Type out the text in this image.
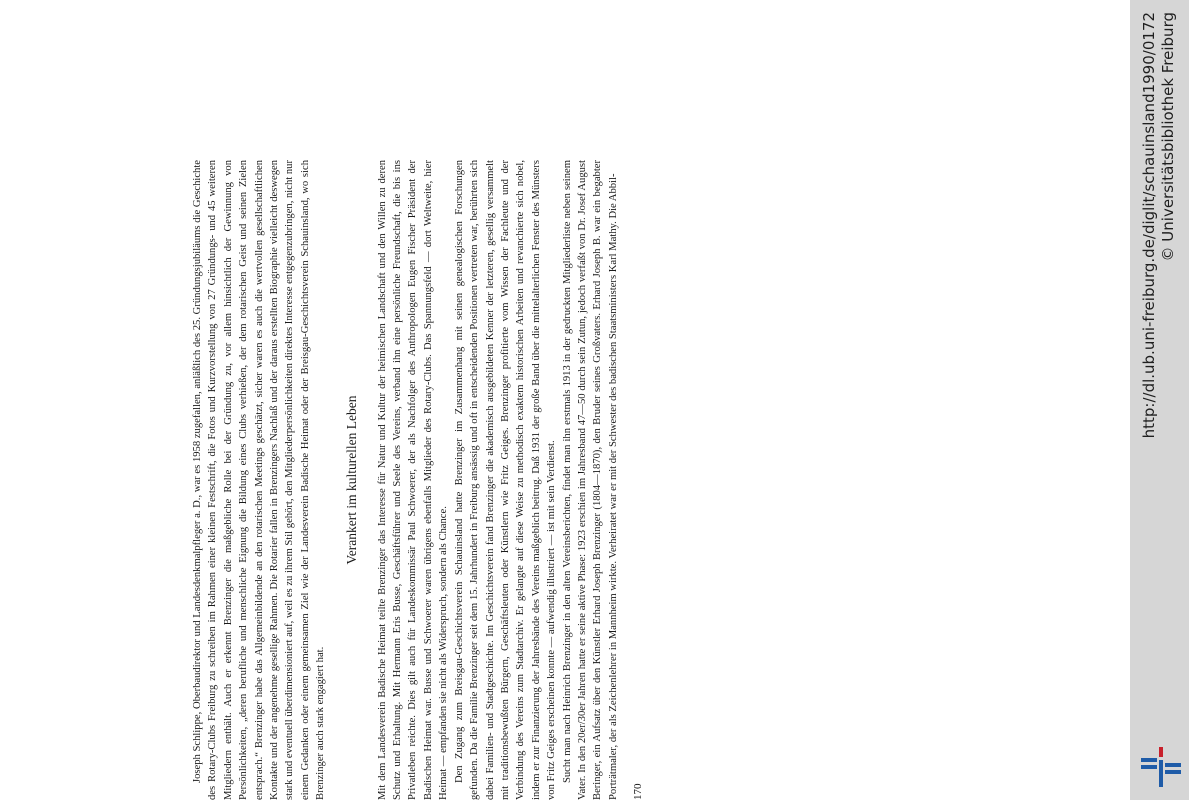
Joseph Schlippe, Oberbaudirektor und Landesdenkmalpfleger a. D., war es 1958 zugefallen, anläßlich des 25. Gründungsjubiläums die Geschichte des Rotary-Clubs Freiburg zu schreiben im Rahmen einer kleinen Festschrift, die Fotos und Kurzvorstellung von 27 Gründungs- und 45 weiteren Mitgliedern enthält. Auch er erkennt Brenzinger die maßgebliche Rolle bei der Gründung zu, vor allem hinsichtlich der Gewinnung von Persönlichkeiten, „deren berufliche und menschliche Eignung die Bildung eines Clubs verhießen, der dem rotarischen Geist und seinen Zielen entsprach.“ Brenzinger habe das Allgemeinbildende an den rotarischen Meetings geschätzt, sicher waren es auch die wertvollen gesellschaftlichen Kontakte und der angenehme gesellige Rahmen. Die Rotarier fallen in Brenzingers Nachlaß und der daraus erstellten Biographie vielleicht deswegen stark und eventuell überdimensioniert auf, weil es zu ihrem Stil gehört, den Mitgliederpersönlichkeiten direktes Interesse entgegenzubringen, nicht nur einem Gedanken oder einem gemeinsamen Ziel wie der Landesverein Badische Heimat oder der Breisgau-Geschichtsverein Schauinsland, wo sich Brenzinger auch stark engagiert hat.

Verankert im kulturellen Leben Mit dem Landesverein Badische Heimat teilte Brenzinger das Interesse für Natur und Kultur der heimischen Landschaft und den Willen zu deren Schutz und Erhaltung. Mit Hermann Eris Busse, Geschäftsführer und Seele des Vereins, verband ihn eine persönliche Freundschaft, die bis ins Privatleben reichte. Dies gilt auch für Landeskommissär Paul Schwoerer, der als Nachfolger des Anthropologen Eugen Fischer Präsident der Badischen Heimat war. Busse und Schwoerer waren übrigens ebenfalls Mitglieder des Rotary-Clubs. Das Spannungsfeld — dort Weltweite, hier Heimat — empfanden sie nicht als Widerspruch, sondern als Chance. Den Zugang zum Breisgau-Geschichtsverein Schauinsland hatte Brenzinger im Zusammenhang mit seinen genealogischen Forschungen gefunden. Da die Familie Brenzinger seit dem 15. Jahrhundert in Freiburg ansässig und oft in entscheidenden Positionen vertreten war, berührten sich dabei Familien- und Stadtgeschichte. Im Geschichtsverein fand Brenzinger die akademisch ausgebildeten Kenner der letzteren, gesellig versammelt mit traditionsbewußten Bürgern, Geschäftsleuten oder Künstlern wie Fritz Geiges. Brenzinger profitierte vom Wissen der Fachleute und der Verbindung des Vereins zum Stadtarchiv. Er gelangte auf diese Weise zu methodisch exaktem historischen Arbeiten und revanchierte sich nobel, indem er zur Finanzierung der Jahresbände des Vereins maßgeblich beitrug. Daß 1931 der große Band über die mittelalterlichen Fenster des Münsters von Fritz Geiges erscheinen konnte — aufwendig illustriert — ist mit sein Verdienst. Sucht man nach Heinrich Brenzinger in den alten Vereinsberichten, findet man ihn erstmals 1913 in der gedruckten Mitgliederliste neben seinem Vater. In den 20er/30er Jahren hatte er seine aktive Phase: 1923 erschien im Jahresband 47—50 durch sein Zutun, jedoch verfaßt von Dr. Josef August Beringer, ein Aufsatz über den Künstler Erhard Joseph Brenzinger (1804—1870), den Bruder seines Großvaters. Erhard Joseph B. war ein begabter Porträtmaler, der als Zeichenlehrer in Mannheim wirkte. Verheiratet war er mit der Schwester des badischen Staatsministers Karl Mathy. Die Abbil- 170
http://dl.ub.uni-freiburg.de/diglit/schauinsland1990/0172 © Universitätsbibliothek Freiburg
